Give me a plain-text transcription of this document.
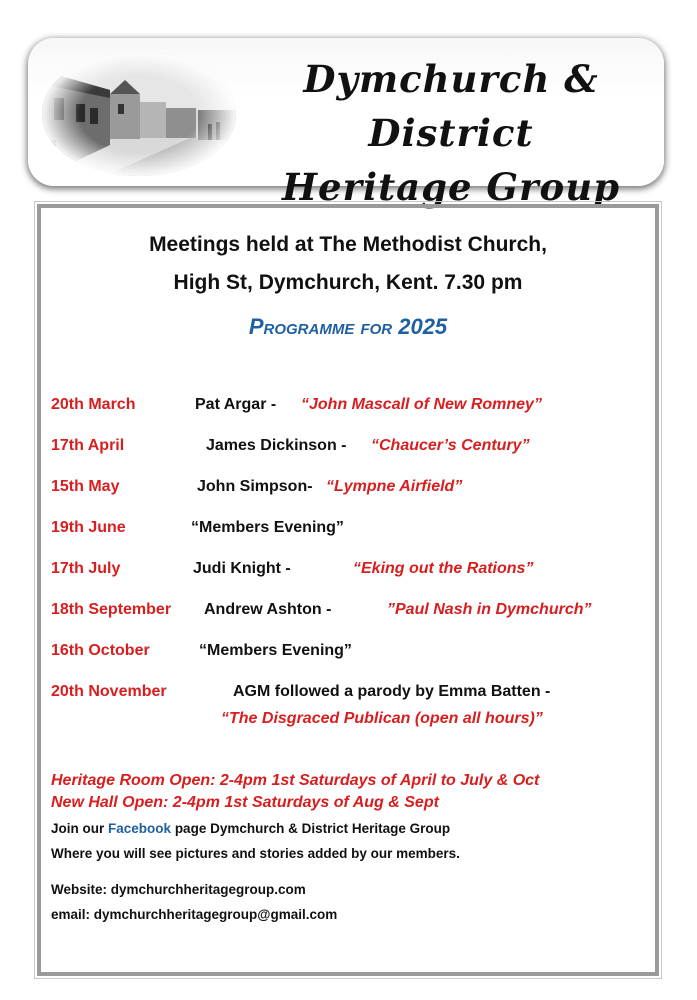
Dymchurch & District
Heritage Group
Meetings held at The Methodist Church,
High St, Dymchurch, Kent. 7.30 pm
Programme for 2025
20th March	Pat Argar - “John Mascall of New Romney”
17th April	James Dickinson - “Chaucer’s Century”
15th May	John Simpson- “Lympne Airfield”
19th June	“Members Evening”
17th July	Judi Knight -	“Eking out the Rations”
18th September Andrew Ashton -	”Paul Nash in Dymchurch”
16th October	“Members Evening”
20th November	AGM followed a parody by Emma Batten -
“The Disgraced Publican (open all hours)”
Heritage Room Open: 2-4pm 1st Saturdays of April to July & Oct
New Hall Open: 2-4pm 1st Saturdays of Aug & Sept
Join our Facebook page Dymchurch & District Heritage Group
Where you will see pictures and stories added by our members.
Website: dymchurchheritagegroup.com
email: dymchurchheritagegroup@gmail.com
